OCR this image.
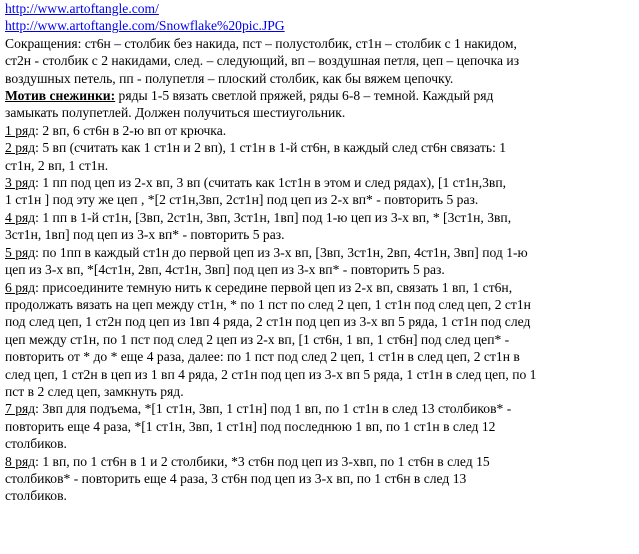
http://www.artoftangle.com/
http://www.artoftangle.com/Snowflake%20pic.JPG
Сокращения: ст6н – столбик без накида, пст – полустолбик, ст1н – столбик с 1 накидом,
ст2н - столбик с 2 накидами, след. – следующий, вп – воздушная петля, цеп – цепочка из
воздушных петель, пп - полупетля – плоский столбик, как бы вяжем цепочку.
Мотив снежинки: ряды 1-5 вязать светлой пряжей, ряды 6-8 – темной. Каждый ряд
замыкать полупетлей. Должен получиться шестиугольник.
1 ряд: 2 вп, 6 ст6н в 2-ю вп от крючка.
2 ряд: 5 вп (считать как 1 ст1н и 2 вп), 1 ст1н в 1-й ст6н, в каждый след ст6н связать: 1
ст1н, 2 вп, 1 ст1н.
3 ряд: 1 пп под цеп из 2-х вп, 3 вп (считать как 1ст1н в этом и след рядах), [1 ст1н,3вп,
1 ст1н ] под эту же цеп , *[2 ст1н,3вп, 2ст1н] под цеп из 2-х вп* - повторить 5 раз.
4 ряд: 1 пп в 1-й ст1н, [3вп, 2ст1н, 3вп, 3ст1н, 1вп] под 1-ю цеп из 3-х вп, * [3ст1н, 3вп,
3ст1н, 1вп] под цеп из 3-х вп* - повторить 5 раз.
5 ряд: по 1пп в каждый ст1н до первой цеп из 3-х вп, [3вп, 3ст1н, 2вп, 4ст1н, 3вп] под 1-ю
цеп из 3-х вп, *[4ст1н, 2вп, 4ст1н, 3вп] под цеп из 3-х вп* - повторить 5 раз.
6 ряд: присоедините темную нить к середине первой цеп из 2-х вп, связать 1 вп, 1 ст6н,
продолжать вязать на цеп между ст1н, * по 1 пст по след 2 цеп, 1 ст1н под след цеп, 2 ст1н
под след цеп, 1 ст2н под цеп из 1вп 4 ряда, 2 ст1н под цеп из 3-х вп 5 ряда, 1 ст1н под след
цеп между ст1н, по 1 пст под след 2 цеп из 2-х вп, [1 ст6н, 1 вп, 1 ст6н] под след цеп* -
повторить от * до * еще 4 раза, далее: по 1 пст под след 2 цеп, 1 ст1н в след цеп, 2 ст1н в
след цеп, 1 ст2н в цеп из 1 вп 4 ряда, 2 ст1н под цеп из 3-х вп 5 ряда, 1 ст1н в след цеп, по 1
пст в 2 след цеп, замкнуть ряд.
7 ряд: 3вп для подъема, *[1 ст1н, 3вп, 1 ст1н] под 1 вп, по 1 ст1н в след 13 столбиков* -
повторить еще 4 раза, *[1 ст1н, 3вп, 1 ст1н] под последнюю 1 вп, по 1 ст1н в след 12
столбиков.
8 ряд: 1 вп, по 1 ст6н в 1 и 2 столбики, *3 ст6н под цеп из 3-хвп, по 1 ст6н в след 15
столбиков* - повторить еще 4 раза, 3 ст6н под цеп из 3-х вп, по 1 ст6н в след 13
столбиков.
